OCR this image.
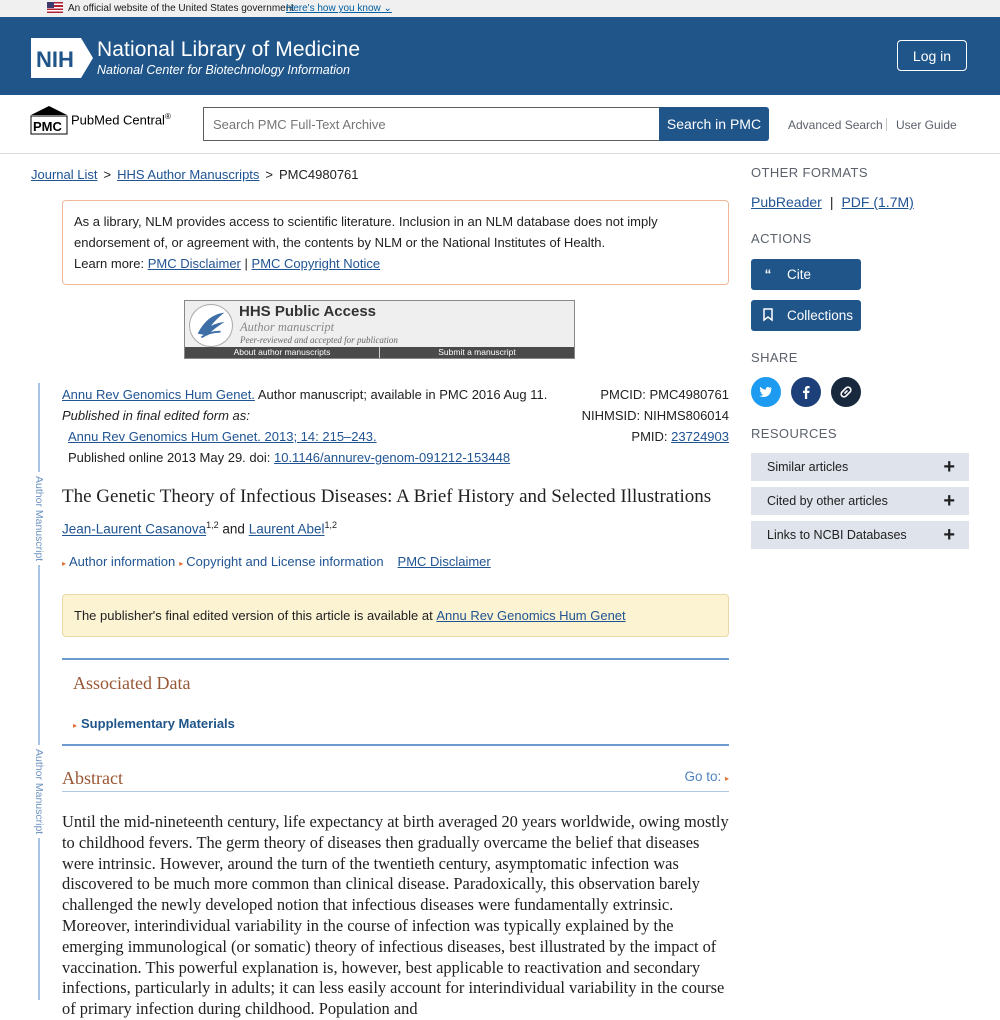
An official website of the United States government
Here's how you know ⌄
NIH National Library of Medicine
National Center for Biotechnology Information
Log in
PMC PubMed Central®	Search PMC Full-Text Archive	Search in PMC	Advanced Search User Guide
Journal List > HHS Author Manuscripts > PMC4980761
As a library, NLM provides access to scientific literature. Inclusion in an NLM database does not imply endorsement of, or agreement with, the contents by NLM or the National Institutes of Health.
Learn more: PMC Disclaimer | PMC Copyright Notice
HHS Public Access
Author manuscript
Peer-reviewed and accepted for publication
About author manuscripts	Submit a manuscript
Author Manuscript
Author Manuscript
Annu Rev Genomics Hum Genet. Author manuscript; available in PMC 2016 Aug 11.
Published in final edited form as:
Annu Rev Genomics Hum Genet. 2013; 14: 215–243.
Published online 2013 May 29. doi: 10.1146/annurev-genom-091212-153448
PMCID: PMC4980761
NIHMSID: NIHMS806014
PMID: 23724903
The Genetic Theory of Infectious Diseases: A Brief History and Selected Illustrations
Jean-Laurent Casanova$^{1,2}$ and Laurent Abel$^{1,2}$
▸ Author information ▸ Copyright and License information PMC Disclaimer
The publisher's final edited version of this article is available at Annu Rev Genomics Hum Genet
Associated Data
▸ Supplementary Materials
Abstract	Go to: ▸

Until the mid-nineteenth century, life expectancy at birth averaged 20 years worldwide, owing mostly to childhood fevers. The germ theory of diseases then gradually overcame the belief that diseases were intrinsic. However, around the turn of the twentieth century, asymptomatic infection was discovered to be much more common than clinical disease. Paradoxically, this observation barely challenged the newly developed notion that infectious diseases were fundamentally extrinsic. Moreover, interindividual variability in the course of infection was typically explained by the emerging immunological (or somatic) theory of infectious diseases, best illustrated by the impact of vaccination. This powerful explanation is, however, best applicable to reactivation and secondary infections, particularly in adults; it can less easily account for interindividual variability in the course of primary infection during childhood. Population and

OTHER FORMATS
PubReader | PDF (1.7M)
ACTIONS
“ Cite
Collections
SHARE
RESOURCES
Similar articles	+
Cited by other articles	+
Links to NCBI Databases +
